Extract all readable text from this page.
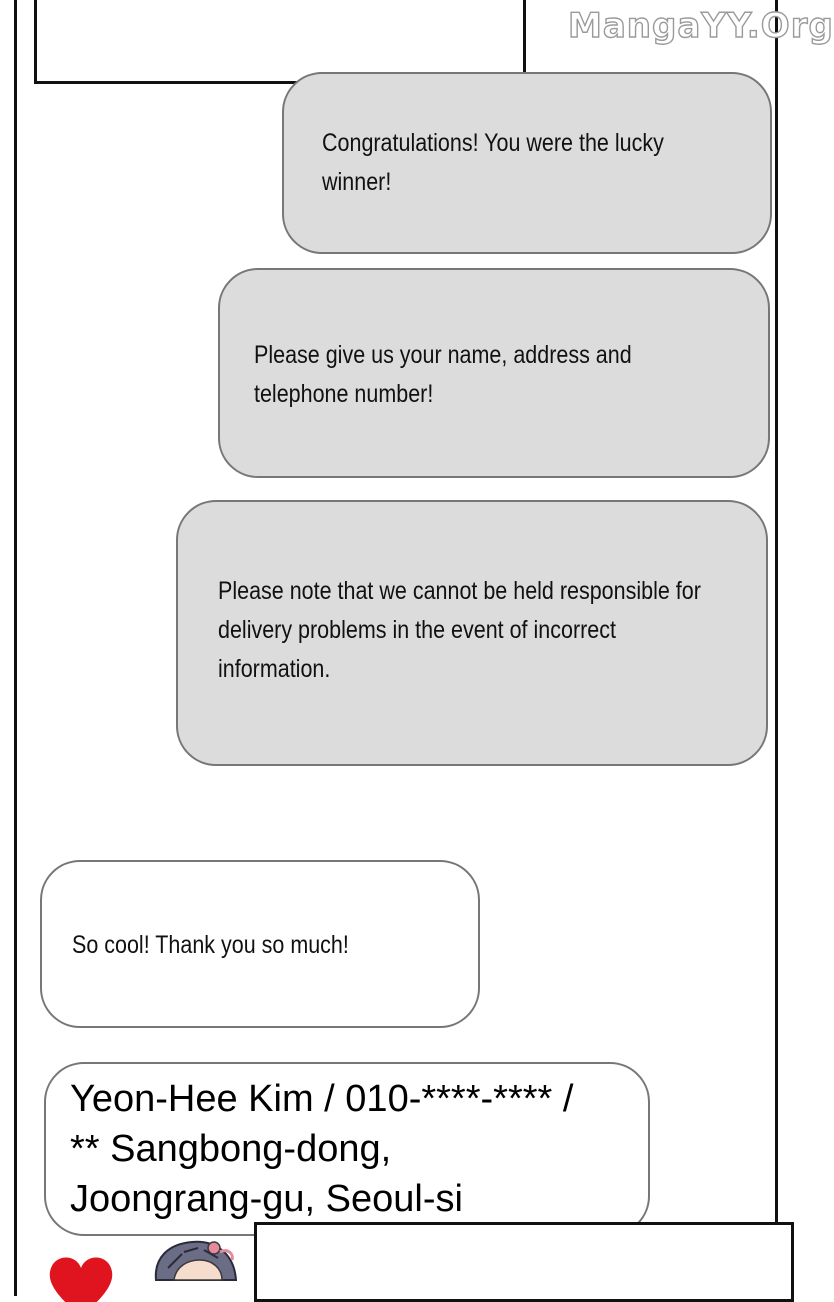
MangaYY.Org
Congratulations! You were the lucky winner!
Please give us your name, address and telephone number!
Please note that we cannot be held responsible for delivery problems in the event of incorrect information.
So cool! Thank you so much!
Yeon-Hee Kim / 010-****-**** /
** Sangbong-dong,
Joongrang-gu, Seoul-si
